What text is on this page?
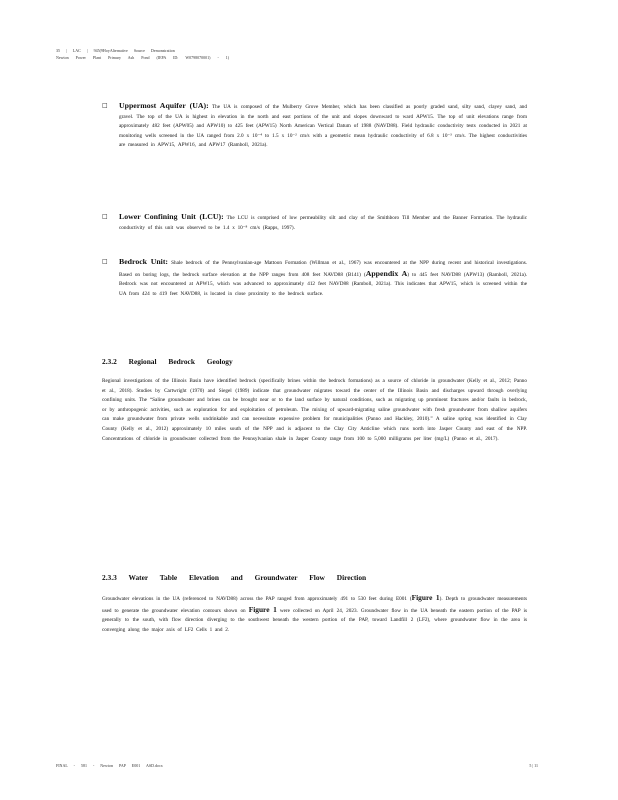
35 | LAC | 945(9HoyAlternative Source Demonstration
Newton Power Plant Primary Ash Pond (IEPA ID: W0798070001) - 1)
□ Uppermost Aquifer (UA): The UA is composed of the Mulberry Grove Member, which has been classified as poorly graded sand, silty sand, clayey sand, and gravel. The top of the UA is highest in elevation in the north and east portions of the unit and slopes downward to ward APW15. The top of unit elevations range from approximately 482 feet (APW05) and APW10) to 425 feet (APW15) North American Vertical Datum of 1988 (NAVD88). Field hydraulic conductivity tests conducted in 2021 at monitoring wells screened in the UA ranged from 2.0 x 10⁻⁴ to 1.5 x 10⁻² cm/s with a geometric mean hydraulic conductivity of 6.8 x 10⁻³ cm/s. The highest conductivities are measured in APW15, APW16, and APW17 (Ramboll, 2021a).

□ Lower Confining Unit (LCU): The LCU is comprised of low permeability silt and clay of the Smithboro Till Member and the Banner Formation. The hydraulic conductivity of this unit was observed to be 1.4 x 10⁻⁸ cm/s (Rapps, 1997).

□ Bedrock Unit: Shale bedrock of the Pennsylvanian-age Mattoon Formation (Willman et al., 1967) was encountered at the NPP during recent and historical investigations. Based on boring logs, the bedrock surface elevation at the NPP ranges from 408 feet NAVD88 (B141) (Appendix A) to 445 feet NAVD88 (APW13) (Ramboll, 2021a). Bedrock was not encountered at APW15, which was advanced to approximately 412 feet NAVD88 (Ramboll, 2021a). This indicates that APW15, which is screened within the UA from 424 to 419 feet NAVD88, is located in close proximity to the bedrock surface.

2.3.2 Regional Bedrock Geology

Regional investigations of the Illinois Basin have identified bedrock (specifically brines within the bedrock formations) as a source of chloride in groundwater (Kelly et al., 2012; Panno et al., 2018). Studies by Cartwright (1970) and Siegel (1989) indicate that groundwater migrates toward the center of the Illinois Basin and discharges upward through overlying confining units. The “Saline groundwater and brines can be brought near or to the land surface by natural conditions, such as migrating up prominent fractures and/or faults in bedrock, or by anthropogenic activities, such as exploration for and exploitation of petroleum. The mixing of upward-migrating saline groundwater with fresh groundwater from shallow aquifers can make groundwater from private wells undrinkable and can necessitate expensive problem for municipalities (Panno and Hackley, 2010).” A saline spring was identified in Clay County (Kelly et al., 2012) approximately 10 miles south of the NPP and is adjacent to the Clay City Anticline which runs north into Jasper County and east of the NPP. Concentrations of chloride in groundwater collected from the Pennsylvanian shale in Jasper County range from 100 to 5,000 milligrams per liter (mg/L) (Panno et al., 2017).

2.3.3 Water Table Elevation and Groundwater Flow Direction

Groundwater elevations in the UA (referenced to NAVD88) across the PAP ranged from approximately 491 to 530 feet during E001 (Figure 1). Depth to groundwater measurements used to generate the groundwater elevation contours shown on Figure 1 were collected on April 24, 2023. Groundwater flow in the UA beneath the eastern portion of the PAP is generally to the south, with flow direction diverging to the southwest beneath the western portion of the PAP, toward Landfill 2 (LF2), where groundwater flow in the area is converging along the major axis of LF2 Cells 1 and 2.

FINAL - 581 - Newton PAP E001 ASD.docx	5 | 11
